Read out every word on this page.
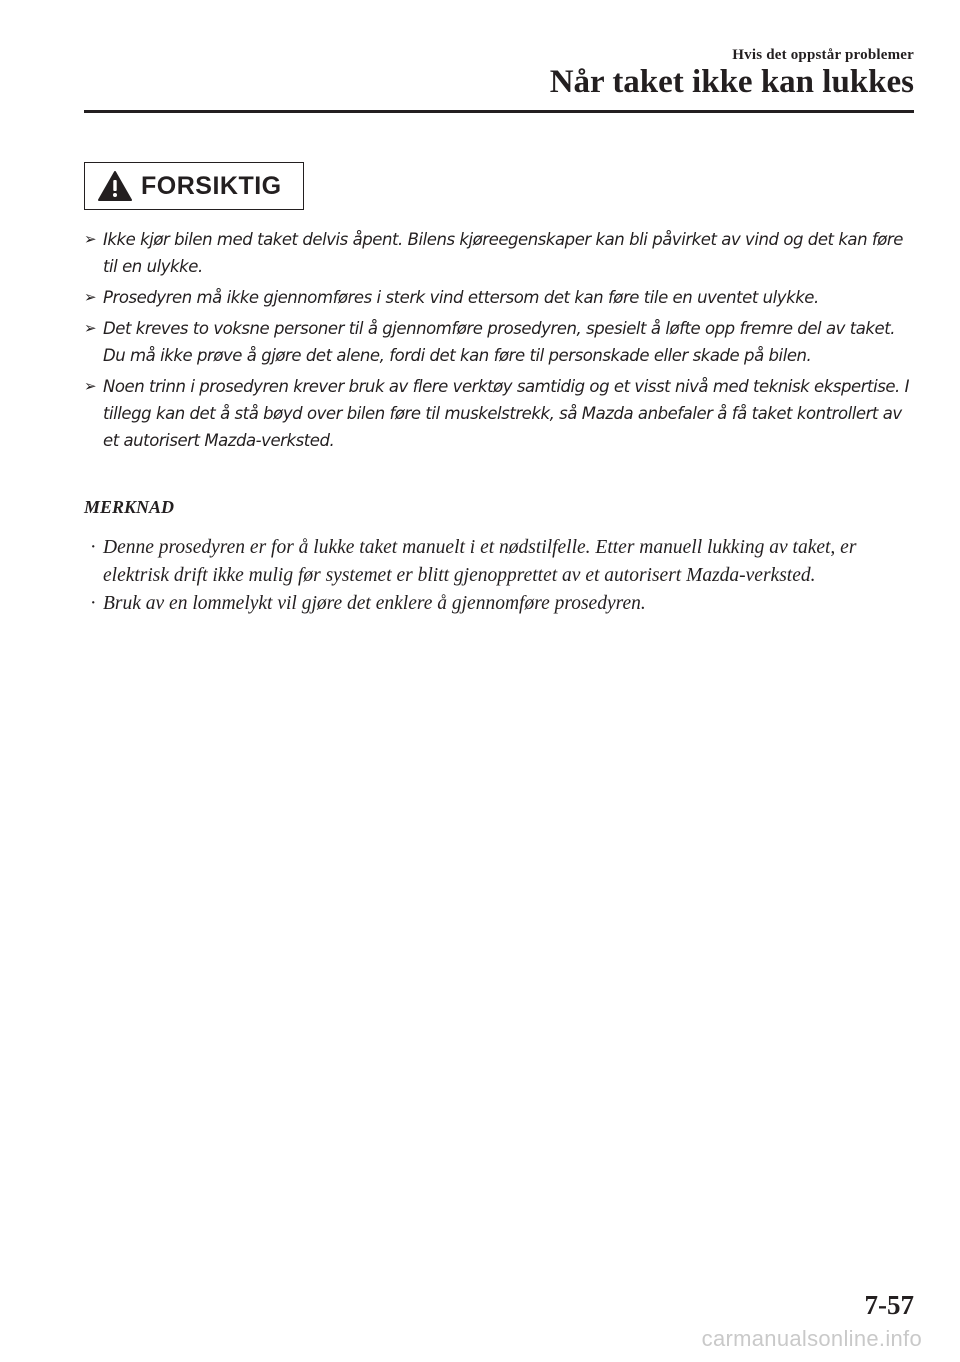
Hvis det oppstår problemer
Når taket ikke kan lukkes
FORSIKTIG
➢ Ikke kjør bilen med taket delvis åpent. Bilens kjøreegenskaper kan bli påvirket av vind og det kan føre til en ulykke.
➢ Prosedyren må ikke gjennomføres i sterk vind ettersom det kan føre tile en uventet ulykke.
➢ Det kreves to voksne personer til å gjennomføre prosedyren, spesielt å løfte opp fremre del av taket. Du må ikke prøve å gjøre det alene, fordi det kan føre til personskade eller skade på bilen.
➢ Noen trinn i prosedyren krever bruk av flere verktøy samtidig og et visst nivå med teknisk ekspertise. I tillegg kan det å stå bøyd over bilen føre til muskelstrekk, så Mazda anbefaler å få taket kontrollert av et autorisert Mazda-verksted.
MERKNAD
· Denne prosedyren er for å lukke taket manuelt i et nødstilfelle. Etter manuell lukking av taket, er elektrisk drift ikke mulig før systemet er blitt gjenopprettet av et autorisert Mazda-verksted.
· Bruk av en lommelykt vil gjøre det enklere å gjennomføre prosedyren.
7-57
carmanualsonline.info
